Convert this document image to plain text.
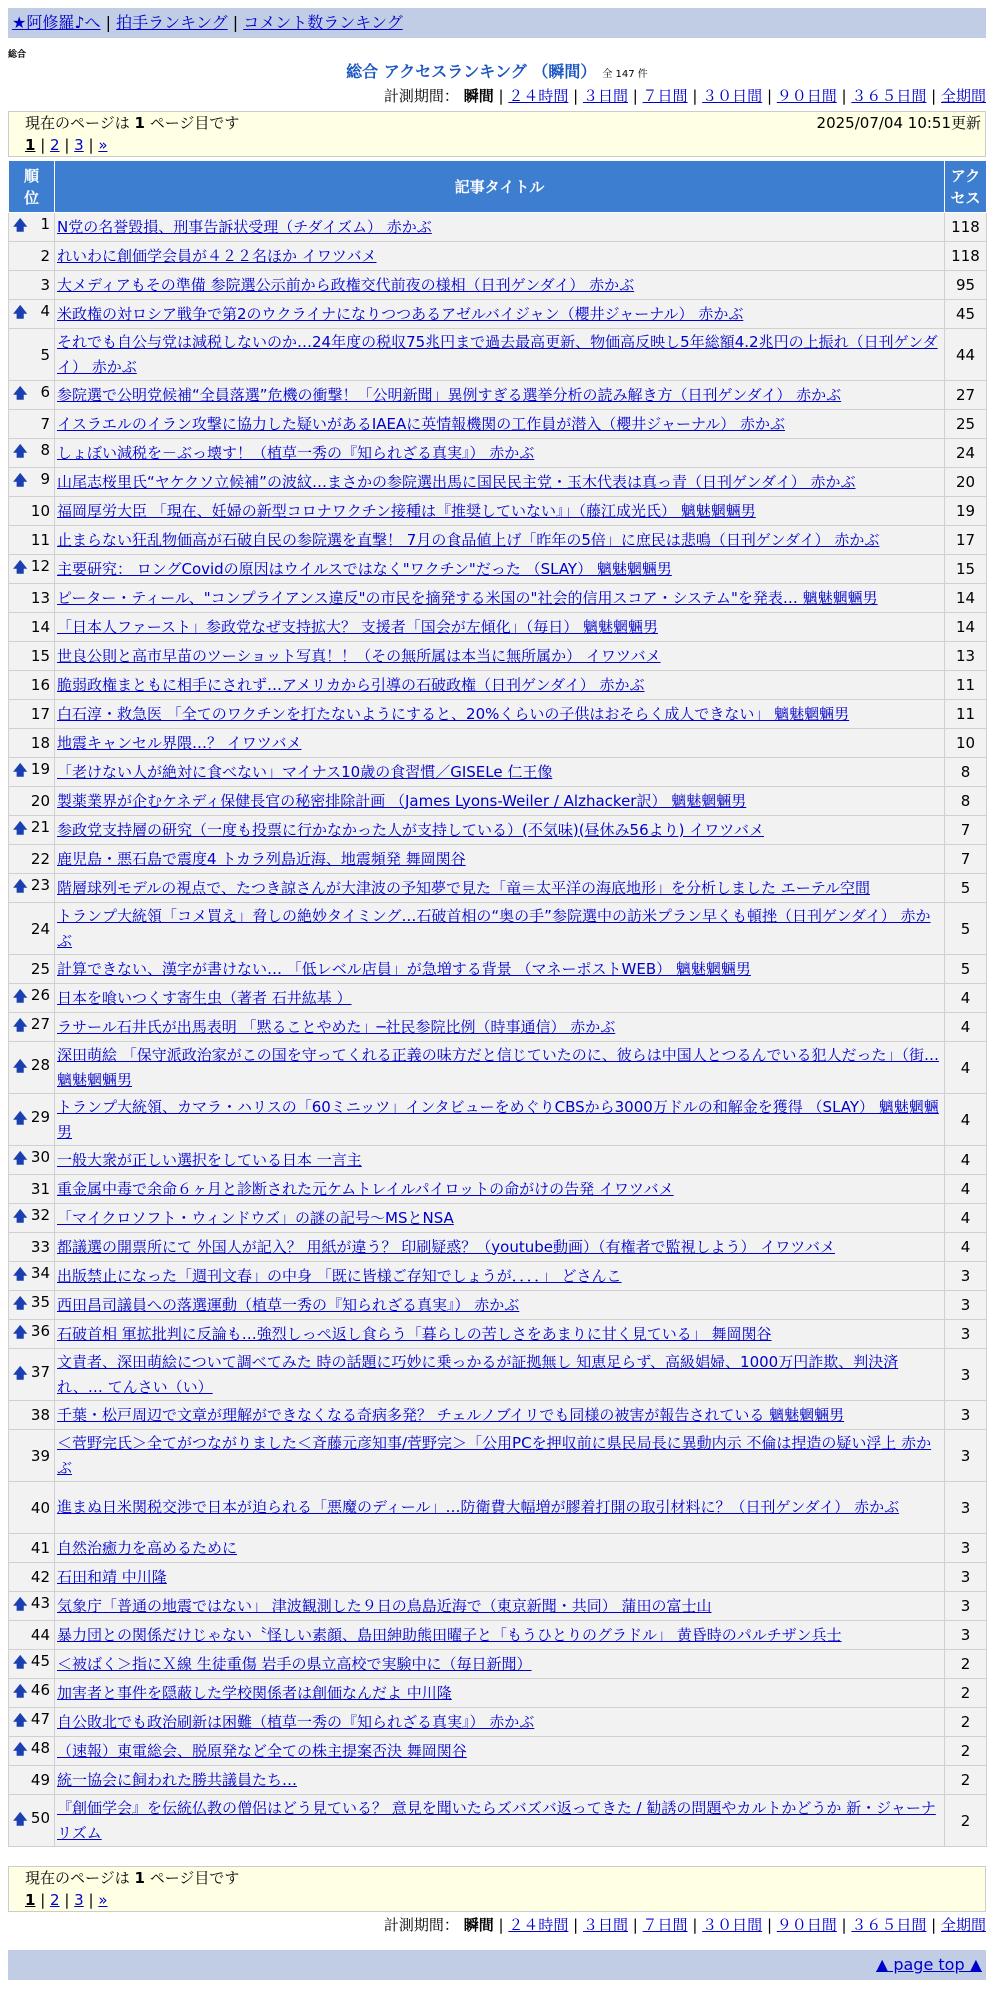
★阿修羅♪へ | 拍手ランキング | コメント数ランキング
総合
総合 アクセスランキング （瞬間） 全 147 件
計測期間： 瞬間 | ２４時間 | ３日間 | ７日間 | ３０日間 | ９０日間 | ３６５日間 | 全期間
現在のページは 1 ページ目です	2025/07/04 10:51更新
1 | 2 | 3 | »
順位	記事タイトル	アクセス

🡅 1	N党の名誉毀損、刑事告訴状受理（チダイズム） 赤かぶ	118
2	れいわに創価学会員が４２２名ほか イワツバメ	118
3	大メディアもその準備 参院選公示前から政権交代前夜の様相（日刊ゲンダイ） 赤かぶ	95

🡅 4	米政権の対ロシア戦争で第2のウクライナになりつつあるアゼルバイジャン（櫻井ジャーナル） 赤かぶ	45
5	それでも自公与党は減税しないのか…24年度の税収75兆円まで過去最高更新、物価高反映し5年総額4.2兆円の上振れ（日刊ゲンダイ） 赤かぶ	44

🡅 6	参院選で公明党候補“全員落選”危機の衝撃！「公明新聞」異例すぎる選挙分析の読み解き方（日刊ゲンダイ） 赤かぶ	27
7	イスラエルのイラン攻撃に協力した疑いがあるIAEAに英情報機関の工作員が潜入（櫻井ジャーナル） 赤かぶ	25

🡅 8	しょぼい減税を－ぶっ壊す！（植草一秀の『知られざる真実』） 赤かぶ	24

🡅 9	山尾志桜里氏“ヤケクソ立候補”の波紋…まさかの参院選出馬に国民民主党・玉木代表は真っ青（日刊ゲンダイ） 赤かぶ	20
10	福岡厚労大臣 「現在、妊婦の新型コロナワクチン接種は『推奨していない』」（藤江成光氏） 魑魅魍魎男	19
11	止まらない狂乱物価高が石破自民の参院選を直撃！ 7月の食品値上げ「昨年の5倍」に庶民は悲鳴（日刊ゲンダイ） 赤かぶ	17

🡅 12	主要研究： ロングCovidの原因はウイルスではなく"ワクチン"だった （SLAY） 魑魅魍魎男	15
13	ピーター・ティール、"コンプライアンス違反"の市民を摘発する米国の"社会的信用スコア・システム"を発表… 魑魅魍魎男	14
14	「日本人ファースト」参政党なぜ支持拡大？ 支援者「国会が左傾化」（毎日） 魑魅魍魎男	14
15	世良公則と高市早苗のツーショット写真！！（その無所属は本当に無所属か） イワツバメ	13
16	脆弱政権まともに相手にされず…アメリカから引導の石破政権（日刊ゲンダイ） 赤かぶ	11
17	白石淳・救急医 「全てのワクチンを打たないようにすると、20%くらいの子供はおそらく成人できない」 魑魅魍魎男	11
18	地震キャンセル界隈…？ イワツバメ	10

🡅 19	「老けない人が絶対に食べない」マイナス10歳の食習慣／GISELe 仁王像	8
20	製薬業界が企むケネディ保健長官の秘密排除計画 （James Lyons-Weiler / Alzhacker訳） 魑魅魍魎男	8

🡅 21	参政党支持層の研究（一度も投票に行かなかった人が支持している）(不気味)(昼休み56より) イワツバメ	7
22	鹿児島・悪石島で震度4 トカラ列島近海、地震頻発 舞岡関谷	7

🡅 23	階層球列モデルの視点で、たつき諒さんが大津波の予知夢で見た「竜＝太平洋の海底地形」を分析しました エーテル空間	5
24	トランプ大統領「コメ買え」脅しの絶妙タイミング…石破首相の“奥の手”参院選中の訪米プラン早くも頓挫（日刊ゲンダイ） 赤かぶ	5
25	計算できない、漢字が書けない… 「低レベル店員」が急増する背景 （マネーポストWEB） 魑魅魍魎男	5

🡅 26	日本を喰いつくす寄生虫（著者 石井紘基 ）	4

🡅 27	ラサール石井氏が出馬表明 「黙ることやめた」─社民参院比例（時事通信） 赤かぶ	4

🡅 28	深田萌絵 「保守派政治家がこの国を守ってくれる正義の味方だと信じていたのに、彼らは中国人とつるんでいる犯人だった」（街… 魑魅魍魎男	4

🡅 29	トランプ大統領、カマラ・ハリスの「60ミニッツ」インタビューをめぐりCBSから3000万ドルの和解金を獲得 （SLAY） 魑魅魍魎男	4

🡅 30	一般大衆が正しい選択をしている日本 一言主	4
31	重金属中毒で余命６ヶ月と診断された元ケムトレイルパイロットの命がけの告発 イワツバメ	4

🡅 32	「マイクロソフト・ウィンドウズ」の謎の記号～MSとNSA	4
33	都議選の開票所にて 外国人が記入？ 用紙が違う？ 印刷疑惑？（youtube動画）（有権者で監視しよう） イワツバメ	4

🡅 34	出版禁止になった「週刊文春」の中身 「既に皆様ご存知でしょうが．．．．」 どさんこ	3

🡅 35	西田昌司議員への落選運動（植草一秀の『知られざる真実』） 赤かぶ	3

🡅 36	石破首相 軍拡批判に反論も…強烈しっぺ返し食らう「暮らしの苦しさをあまりに甘く見ている」 舞岡関谷	3

🡅 37	文責者、深田萌絵について調べてみた 時の話題に巧妙に乗っかるが証拠無し 知恵足らず、高級娼婦、1000万円詐欺、判決済れ、… てんさい（い）	3
38	千葉・松戸周辺で文章が理解ができなくなる奇病多発？ チェルノブイリでも同様の被害が報告されている 魑魅魍魎男	3
39	＜菅野完氏＞全てがつながりました＜斉藤元彦知事/菅野完＞「公用PCを押収前に県民局長に異動内示 不倫は捏造の疑い浮上 赤かぶ	3
40	進まぬ日米関税交渉で日本が迫られる「悪魔のディール」…防衛費大幅増が膠着打開の取引材料に？（日刊ゲンダイ） 赤かぶ	3
41	自然治癒力を高めるために	3
42	石田和靖 中川隆	3

🡅 43	気象庁「普通の地震ではない」 津波観測した９日の鳥島近海で（東京新聞・共同） 蒲田の富士山	3
44	暴力団との関係だけじゃない〝怪しい素顔、島田紳助熊田曜子と「もうひとりのグラドル」 黄昏時のパルチザン兵士	3

🡅 45	＜被ばく＞指にＸ線 生徒重傷 岩手の県立高校で実験中に（毎日新聞）	2

🡅 46	加害者と事件を隠蔽した学校関係者は創価なんだよ 中川隆	2

🡅 47	自公敗北でも政治刷新は困難（植草一秀の『知られざる真実』） 赤かぶ	2

🡅 48	（速報）東電総会、脱原発など全ての株主提案否決 舞岡関谷	2
49	統一協会に飼われた勝共議員たち…	2

🡅 50	『創価学会』を伝統仏教の僧侶はどう見ている？ 意見を聞いたらズバズバ返ってきた / 勧誘の問題やカルトかどうか 新・ジャーナリズム	2
現在のページは 1 ページ目です
1 | 2 | 3 | »
計測期間： 瞬間 | ２４時間 | ３日間 | ７日間 | ３０日間 | ９０日間 | ３６５日間 | 全期間
▲ page top ▲
